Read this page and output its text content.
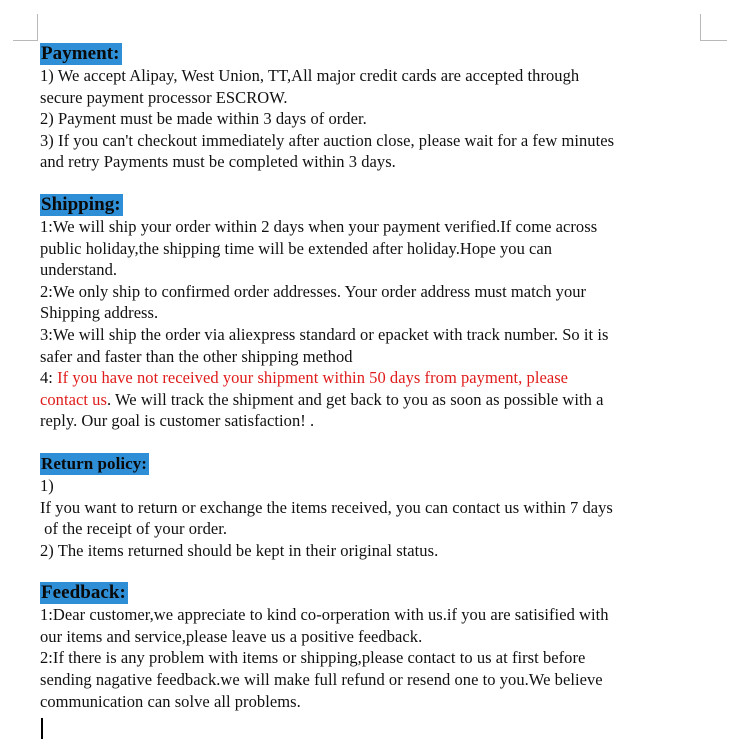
Payment:
1) We accept Alipay, West Union, TT,All major credit cards are accepted through
secure payment processor ESCROW.
2) Payment must be made within 3 days of order.
3) If you can't checkout immediately after auction close, please wait for a few minutes
and retry Payments must be completed within 3 days.
Shipping:
1:We will ship your order within 2 days when your payment verified.If come across
public holiday,the shipping time will be extended after holiday.Hope you can
understand.
2:We only ship to confirmed order addresses. Your order address must match your
Shipping address.
3:We will ship the order via aliexpress standard or epacket with track number. So it is
safer and faster than the other shipping method
4: If you have not received your shipment within 50 days from payment, please
contact us. We will track the shipment and get back to you as soon as possible with a
reply. Our goal is customer satisfaction! .
Return policy:
1)
If you want to return or exchange the items received, you can contact us within 7 days
of the receipt of your order.
2) The items returned should be kept in their original status.
Feedback:
1:Dear customer,we appreciate to kind co-orperation with us.if you are satisified with
our items and service,please leave us a positive feedback.
2:If there is any problem with items or shipping,please contact to us at first before
sending nagative feedback.we will make full refund or resend one to you.We believe
communication can solve all problems.
